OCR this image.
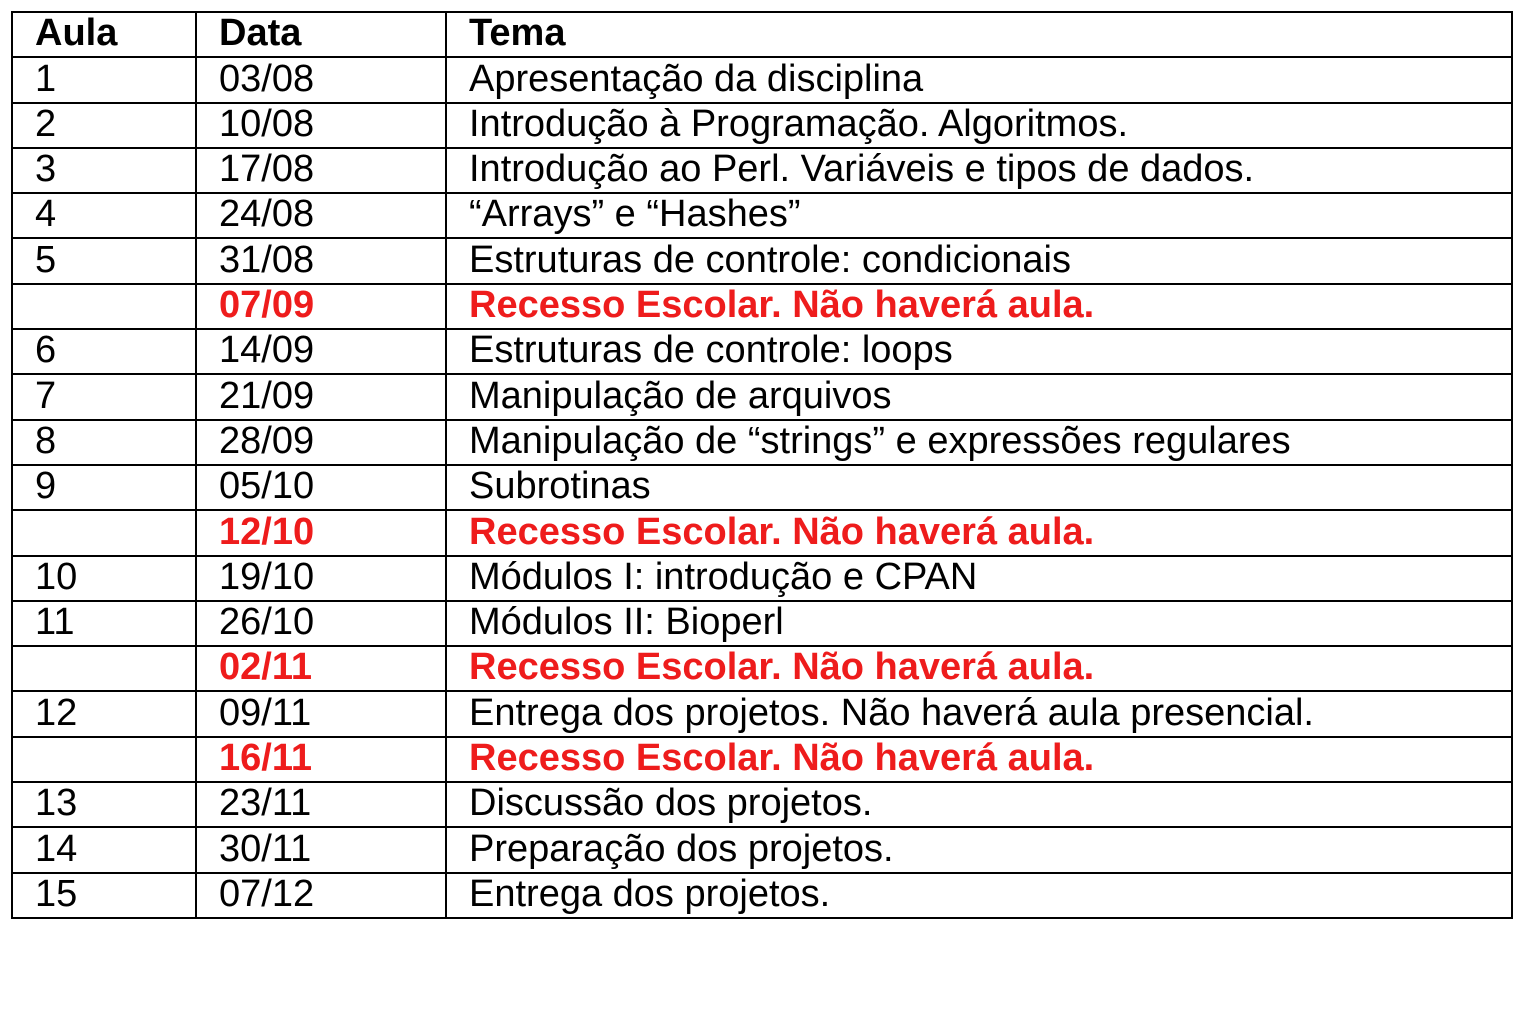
Aula	Data	Tema
1	03/08	Apresentação da disciplina
2	10/08	Introdução à Programação. Algoritmos.
3	17/08	Introdução ao Perl. Variáveis e tipos de dados.
4	24/08	“Arrays” e “Hashes”
5	31/08	Estruturas de controle: condicionais
	07/09	Recesso Escolar. Não haverá aula.
6	14/09	Estruturas de controle: loops
7	21/09	Manipulação de arquivos
8	28/09	Manipulação de “strings” e expressões regulares
9	05/10	Subrotinas
	12/10	Recesso Escolar. Não haverá aula.
10	19/10	Módulos I: introdução e CPAN
11	26/10	Módulos II: Bioperl
	02/11	Recesso Escolar. Não haverá aula.
12	09/11	Entrega dos projetos. Não haverá aula presencial.
	16/11	Recesso Escolar. Não haverá aula.
13	23/11	Discussão dos projetos.
14	30/11	Preparação dos projetos.
15	07/12	Entrega dos projetos.
